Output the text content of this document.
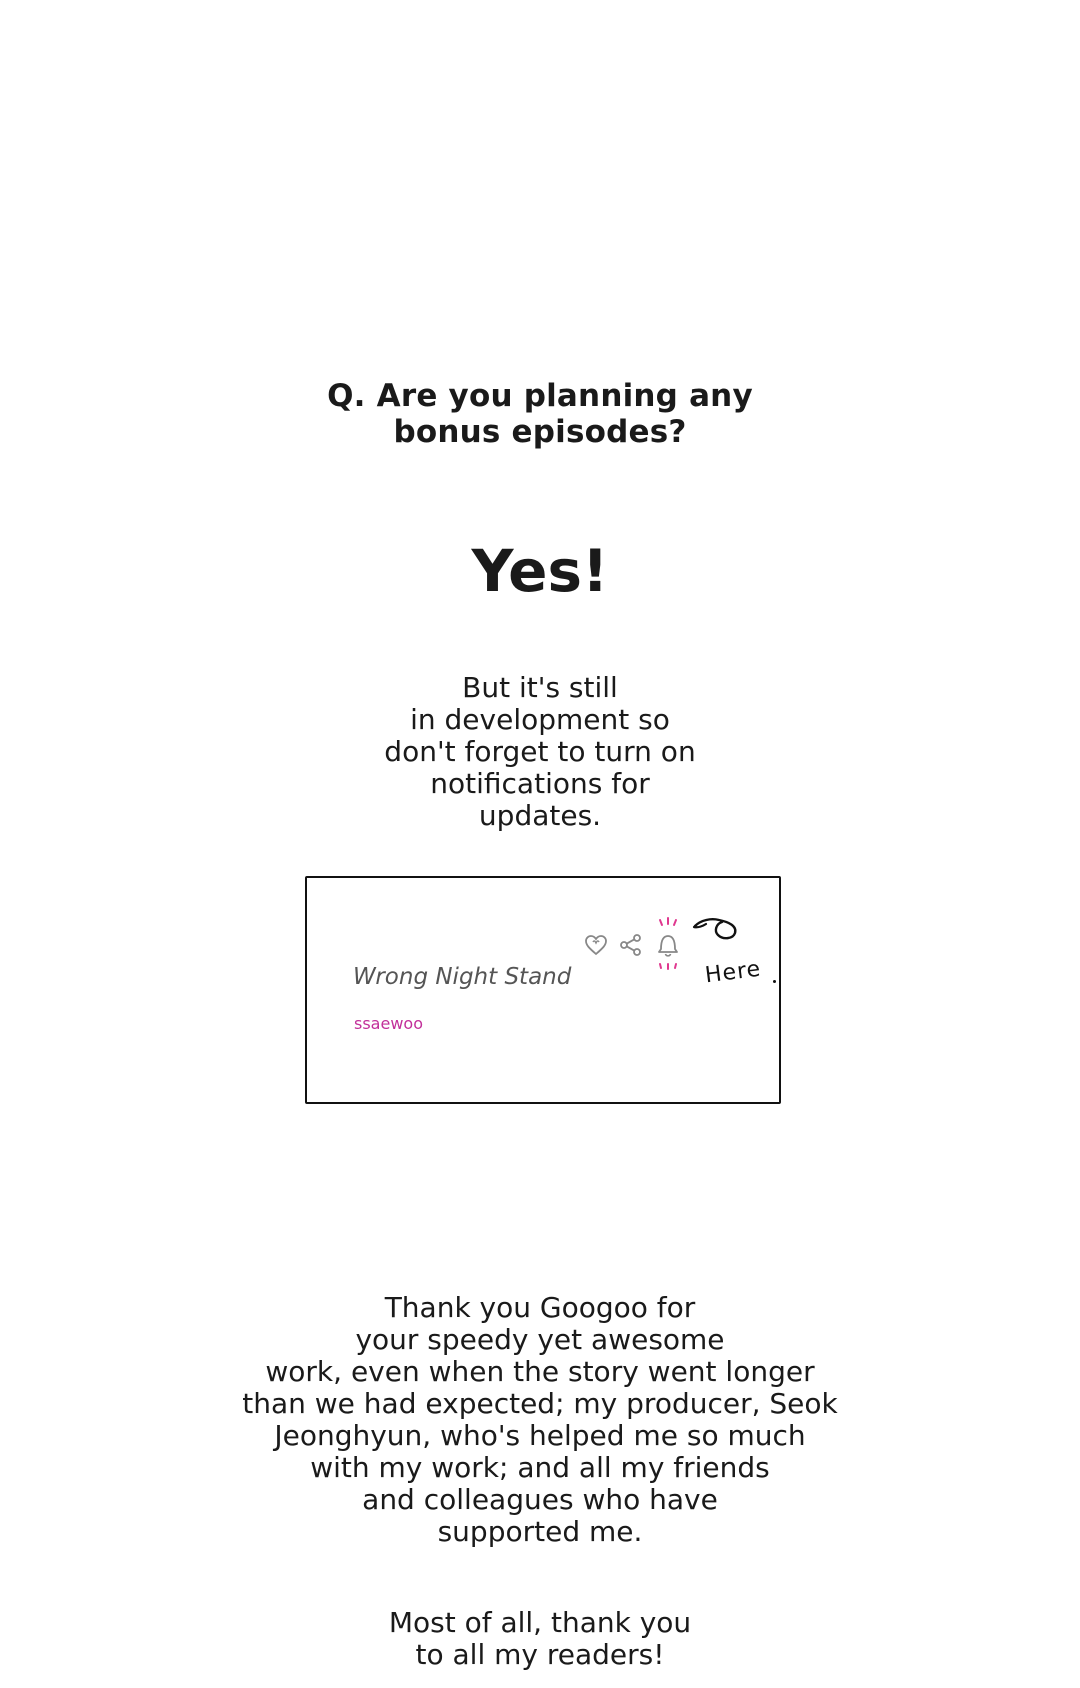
Q. Are you planning any
bonus episodes?
Yes!
But it's still
in development so
don't forget to turn on
notifications for
updates.
Wrong Night Stand
ssaewoo
Here
Thank you Googoo for
your speedy yet awesome
work, even when the story went longer
than we had expected; my producer, Seok
Jeonghyun, who's helped me so much
with my work; and all my friends
and colleagues who have
supported me.
Most of all, thank you
to all my readers!
